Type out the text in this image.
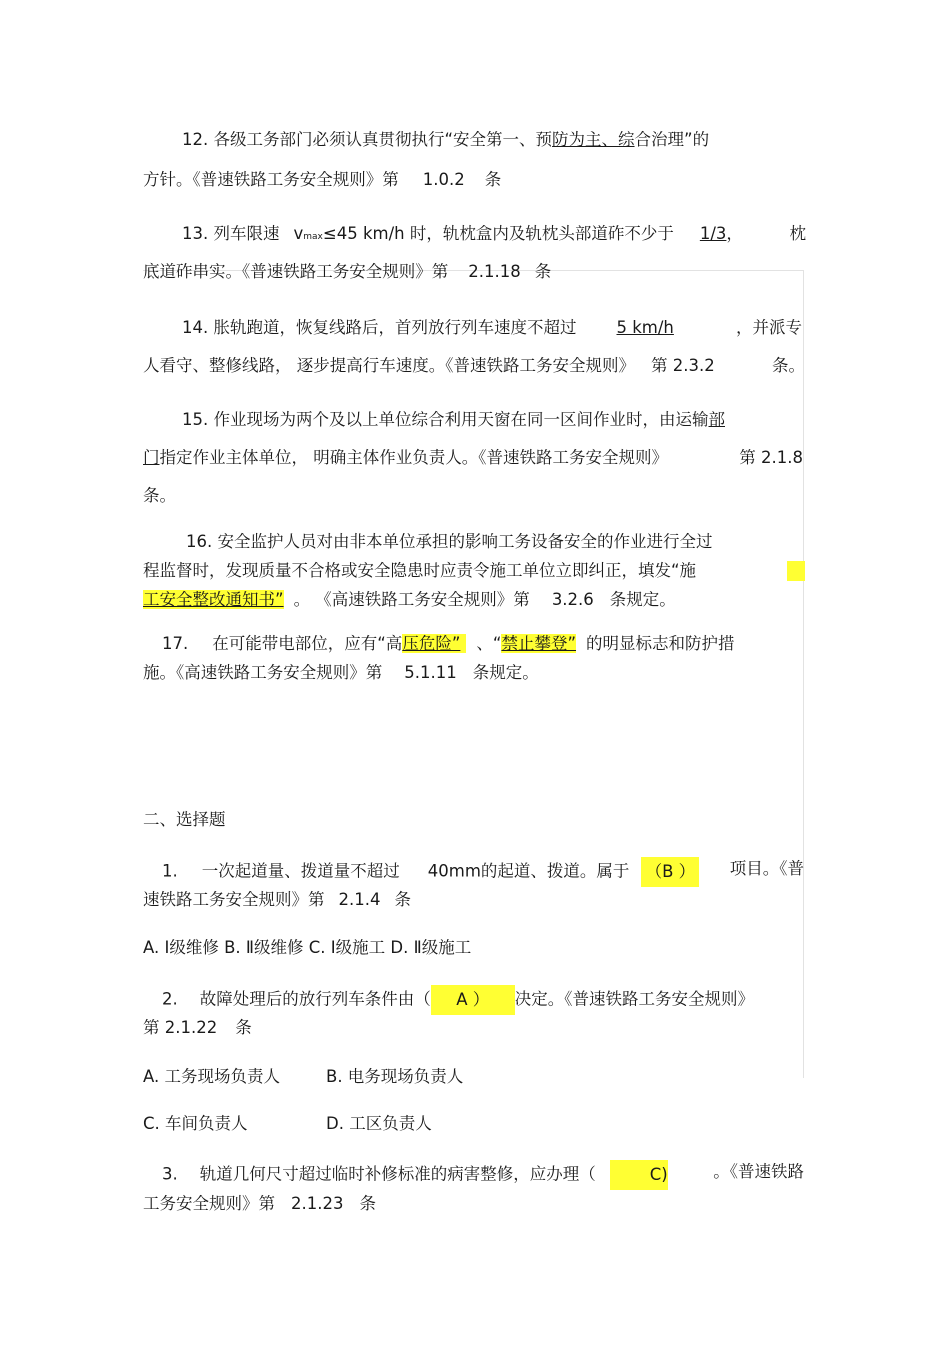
12. 各级工务部门必须认真贯彻执行“安全第一、预防为主、综合治理”的
方针。《普速铁路工务安全规则》第 1.0.2 条
13. 列车限速 vmax≤45 km/h 时，轨枕盒内及轨枕头部道砟不少于 1/3，	枕
底道砟串实。《普速铁路工务安全规则》第 2.1.18 条
14. 胀轨跑道，恢复线路后，首列放行列车速度不超过 5 km/h	，并派专
人看守、整修线路， 逐步提高行车速度。《普速铁路工务安全规则》 第 2.3.2	条。
15. 作业现场为两个及以上单位综合利用天窗在同一区间作业时，由运输部
门指定作业主体单位， 明确主体作业负责人。《普速铁路工务安全规则》	第 2.1.8
条。
16. 安全监护人员对由非本单位承担的影响工务设备安全的作业进行全过
程监督时，发现质量不合格或安全隐患时应责令施工单位立即纠正，填发“施
工安全整改通知书” 。 《高速铁路工务安全规则》第 3.2.6 条规定。
17. 在可能带电部位，应有“高压危险” 、“禁止攀登” 的明显标志和防护措
施。《高速铁路工务安全规则》第 5.1.11 条规定。
二、选择题
1. 一次起道量、拨道量不超过 40mm的起道、拨道。属于 （B ） 项目。《普
速铁路工务安全规则》第 2.1.4 条
A. Ⅰ级维修 B. Ⅱ级维修 C. Ⅰ级施工 D. Ⅱ级施工
2. 故障处理后的放行列车条件由（ A ） 决定。《普速铁路工务安全规则》
第 2.1.22 条
A. 工务现场负责人	B. 电务现场负责人
C. 车间负责人	D. 工区负责人
3. 轨道几何尺寸超过临时补修标准的病害整修，应办理（	C)	。《普速铁路
工务安全规则》第 2.1.23 条
